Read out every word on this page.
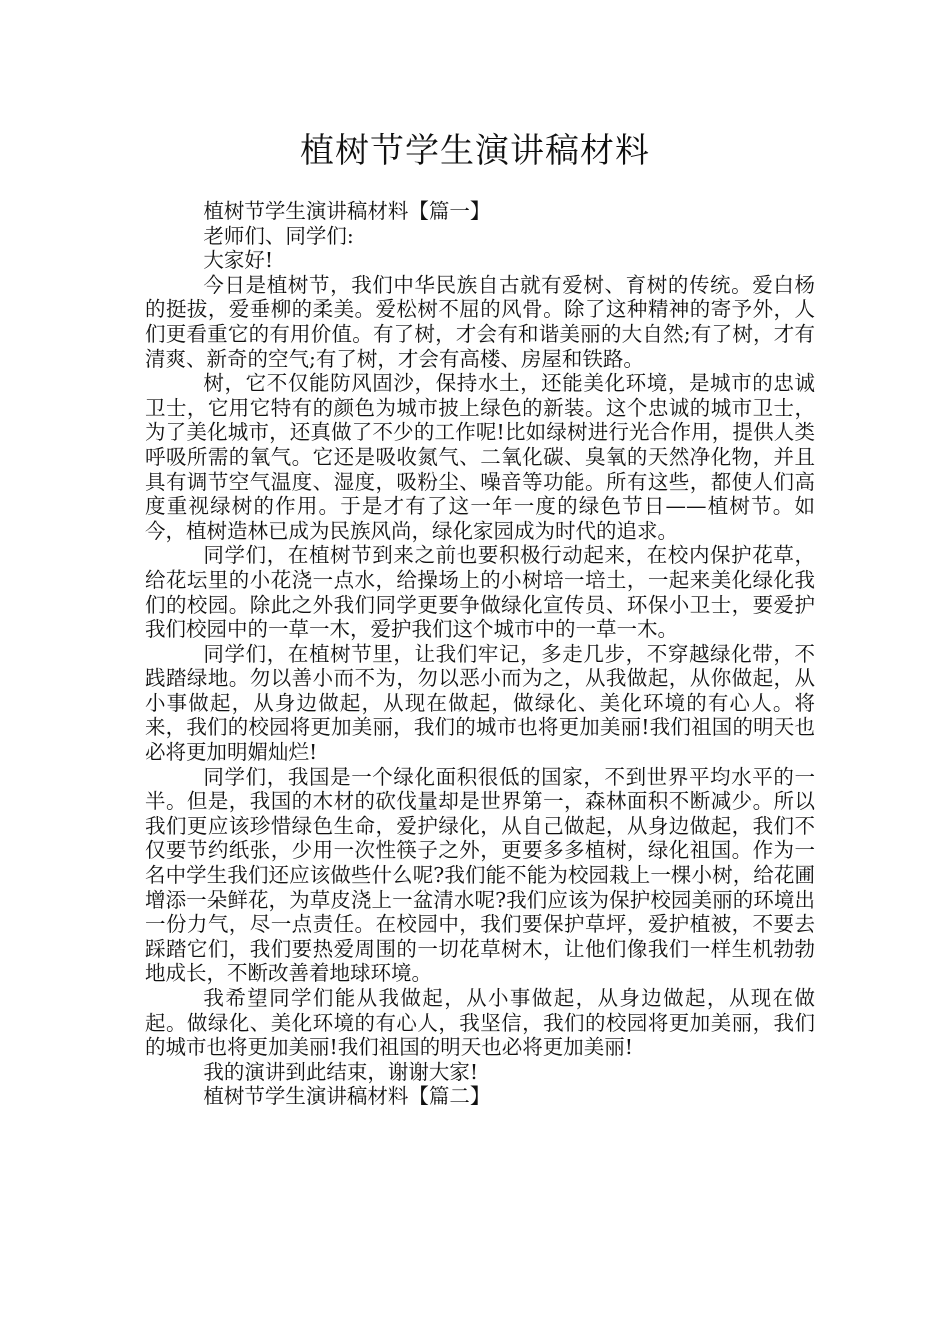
植树节学生演讲稿材料

植树节学生演讲稿材料【篇一】

老师们、同学们:

大家好!

今日是植树节，我们中华民族自古就有爱树、育树的传统。爱白杨的挺拔，爱垂柳的柔美。爱松树不屈的风骨。除了这种精神的寄予外，人们更看重它的有用价值。有了树，才会有和谐美丽的大自然;有了树，才有清爽、新奇的空气;有了树，才会有高楼、房屋和铁路。

树，它不仅能防风固沙，保持水土，还能美化环境，是城市的忠诚卫士，它用它特有的颜色为城市披上绿色的新装。这个忠诚的城市卫士，为了美化城市，还真做了不少的工作呢!比如绿树进行光合作用，提供人类呼吸所需的氧气。它还是吸收氮气、二氧化碳、臭氧的天然净化物，并且具有调节空气温度、湿度，吸粉尘、噪音等功能。所有这些，都使人们高度重视绿树的作用。于是才有了这一年一度的绿色节日——植树节。如今，植树造林已成为民族风尚，绿化家园成为时代的追求。

同学们，在植树节到来之前也要积极行动起来，在校内保护花草，给花坛里的小花浇一点水，给操场上的小树培一培土，一起来美化绿化我们的校园。除此之外我们同学更要争做绿化宣传员、环保小卫士，要爱护我们校园中的一草一木，爱护我们这个城市中的一草一木。

同学们，在植树节里，让我们牢记，多走几步，不穿越绿化带，不践踏绿地。勿以善小而不为，勿以恶小而为之，从我做起，从你做起，从小事做起，从身边做起，从现在做起，做绿化、美化环境的有心人。将来，我们的校园将更加美丽，我们的城市也将更加美丽!我们祖国的明天也必将更加明媚灿烂!

同学们，我国是一个绿化面积很低的国家，不到世界平均水平的一半。但是，我国的木材的砍伐量却是世界第一，森林面积不断减少。所以我们更应该珍惜绿色生命，爱护绿化，从自己做起，从身边做起，我们不仅要节约纸张，少用一次性筷子之外，更要多多植树，绿化祖国。作为一名中学生我们还应该做些什么呢?我们能不能为校园栽上一棵小树，给花圃增添一朵鲜花，为草皮浇上一盆清水呢?我们应该为保护校园美丽的环境出一份力气，尽一点责任。在校园中，我们要保护草坪，爱护植被，不要去踩踏它们，我们要热爱周围的一切花草树木，让他们像我们一样生机勃勃地成长，不断改善着地球环境。

我希望同学们能从我做起，从小事做起，从身边做起，从现在做起。做绿化、美化环境的有心人，我坚信，我们的校园将更加美丽，我们的城市也将更加美丽!我们祖国的明天也必将更加美丽!

我的演讲到此结束，谢谢大家!

植树节学生演讲稿材料【篇二】
